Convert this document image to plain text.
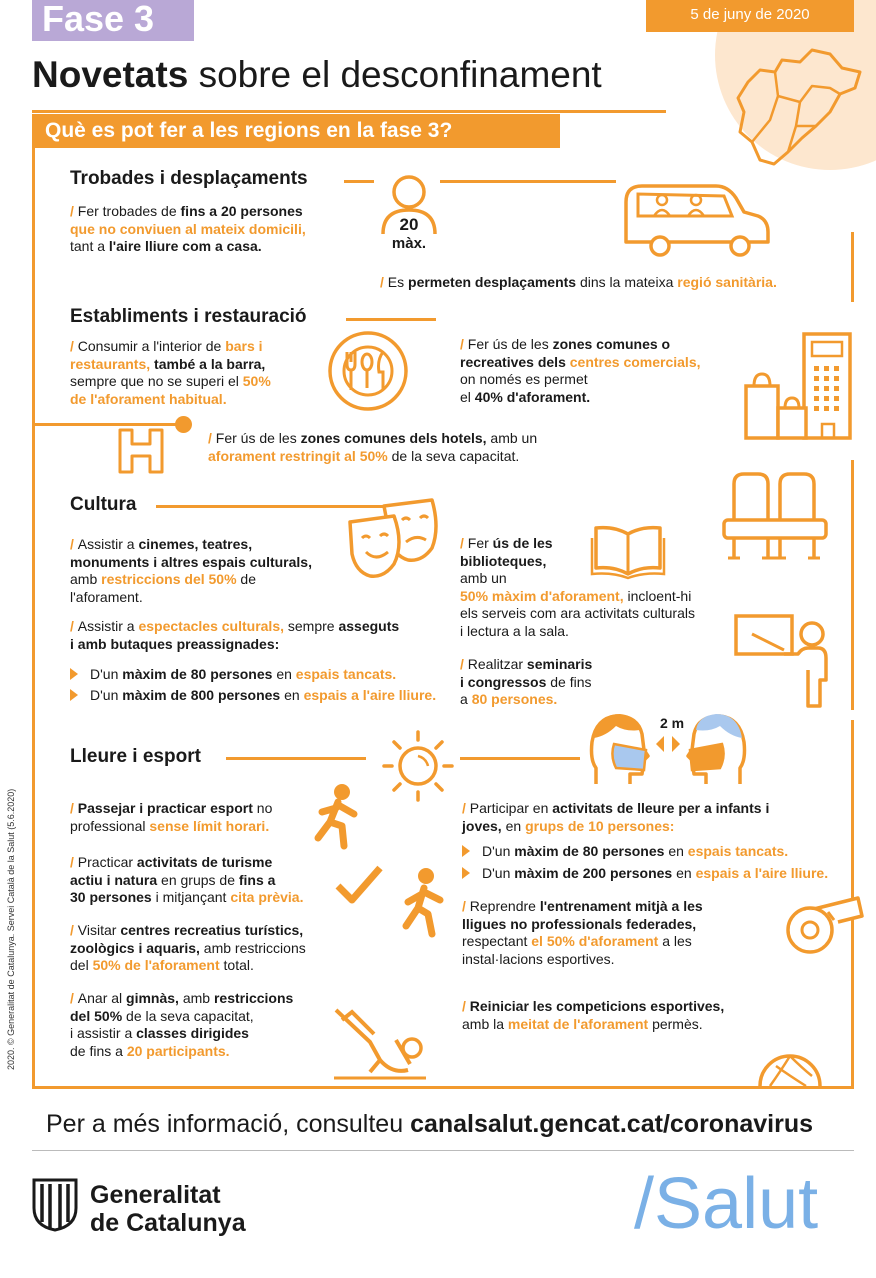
Fase 3	5 de juny de 2020
Novetats sobre el desconfinament
Què es pot fer a les regions en la fase 3?
Trobades i desplaçaments
/ Fer trobades de fins a 20 persones
que no conviuen al mateix domicili,
tant a l'aire lliure com a casa.
20
màx.
/ Es permeten desplaçaments dins la mateixa regió sanitària.
Establiments i restauració
/ Consumir a l'interior de bars i
restaurants, també a la barra,
sempre que no se superi el 50%
de l'aforament habitual.
/ Fer ús de les zones comunes o
recreatives dels centres comercials,
on només es permet
el 40% d'aforament.
/ Fer ús de les zones comunes dels hotels, amb un
aforament restringit al 50% de la seva capacitat.
Cultura
/ Assistir a cinemes, teatres,
monuments i altres espais culturals,
amb restriccions del 50% de
l'aforament.
/ Assistir a espectacles culturals, sempre asseguts
i amb butaques preassignades:
D'un màxim de 80 persones en espais tancats.
D'un màxim de 800 persones en espais a l'aire lliure.
/ Fer ús de les
biblioteques,
amb un
50% màxim d'aforament, incloent-hi
els serveis com ara activitats culturals
i lectura a la sala.
/ Realitzar seminaris
i congressos de fins
a 80 persones.
Lleure i esport
2 m
/ Passejar i practicar esport no
professional sense límit horari.
/ Practicar activitats de turisme
actiu i natura en grups de fins a
30 persones i mitjançant cita prèvia.
/ Visitar centres recreatius turístics,
zoològics i aquaris, amb restriccions
del 50% de l'aforament total.
/ Anar al gimnàs, amb restriccions
del 50% de la seva capacitat,
i assistir a classes dirigides
de fins a 20 participants.
/ Participar en activitats de lleure per a infants i
joves, en grups de 10 persones:
D'un màxim de 80 persones en espais tancats.
D'un màxim de 200 persones en espais a l'aire lliure.
/ Reprendre l'entrenament mitjà a les
lligues no professionals federades,
respectant el 50% d'aforament a les
instal·lacions esportives.
/ Reiniciar les competicions esportives,
amb la meitat de l'aforament permès.
Per a més informació, consulteu canalsalut.gencat.cat/coronavirus
Generalitat
de Catalunya	/Salut
2020. © Generalitat de Catalunya. Servei Català de la Salut (5.6.2020)
